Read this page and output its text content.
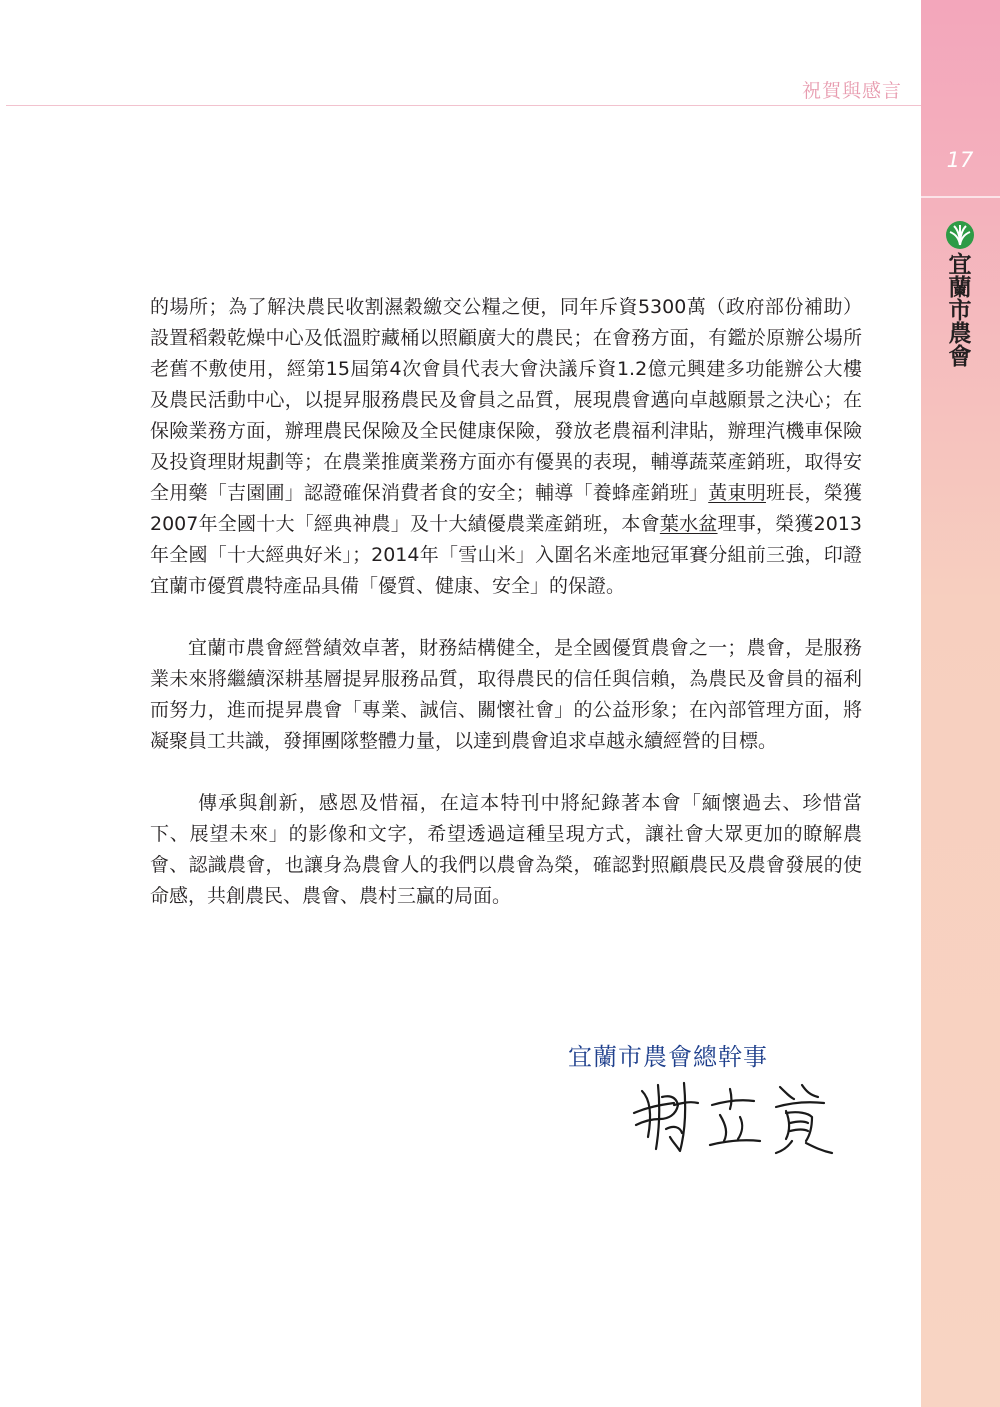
17
宜蘭市農會
祝賀與感言

的場所；為了解決農民收割濕穀繳交公糧之便，同年斥資5300萬（政府部份補助）設置稻穀乾燥中心及低溫貯藏桶以照顧廣大的農民；在會務方面，有鑑於原辦公場所老舊不敷使用，經第15屆第4次會員代表大會決議斥資1.2億元興建多功能辦公大樓及農民活動中心，以提昇服務農民及會員之品質，展現農會邁向卓越願景之決心；在保險業務方面，辦理農民保險及全民健康保險，發放老農福利津貼，辦理汽機車保險及投資理財規劃等；在農業推廣業務方面亦有優異的表現，輔導蔬菜產銷班，取得安全用藥「吉園圃」認證確保消費者食的安全；輔導「養蜂產銷班」黃東明班長，榮獲2007年全國十大「經典神農」及十大績優農業產銷班，本會葉水盆理事，榮獲2013年全國「十大經典好米」；2014年「雪山米」入圍名米產地冠軍賽分組前三強，印證宜蘭市優質農特產品具備「優質、健康、安全」的保證。

宜蘭市農會經營績效卓著，財務結構健全，是全國優質農會之一；農會，是服務業未來將繼續深耕基層提昇服務品質，取得農民的信任與信賴，為農民及會員的福利而努力，進而提昇農會「專業、誠信、關懷社會」的公益形象；在內部管理方面，將凝聚員工共識，發揮團隊整體力量，以達到農會追求卓越永續經營的目標。

傳承與創新，感恩及惜福，在這本特刊中將紀錄著本會「緬懷過去、珍惜當下、展望未來」的影像和文字，希望透過這種呈現方式，讓社會大眾更加的瞭解農會、認識農會，也讓身為農會人的我們以農會為榮，確認對照顧農民及農會發展的使命感，共創農民、農會、農村三贏的局面。

宜蘭市農會總幹事
